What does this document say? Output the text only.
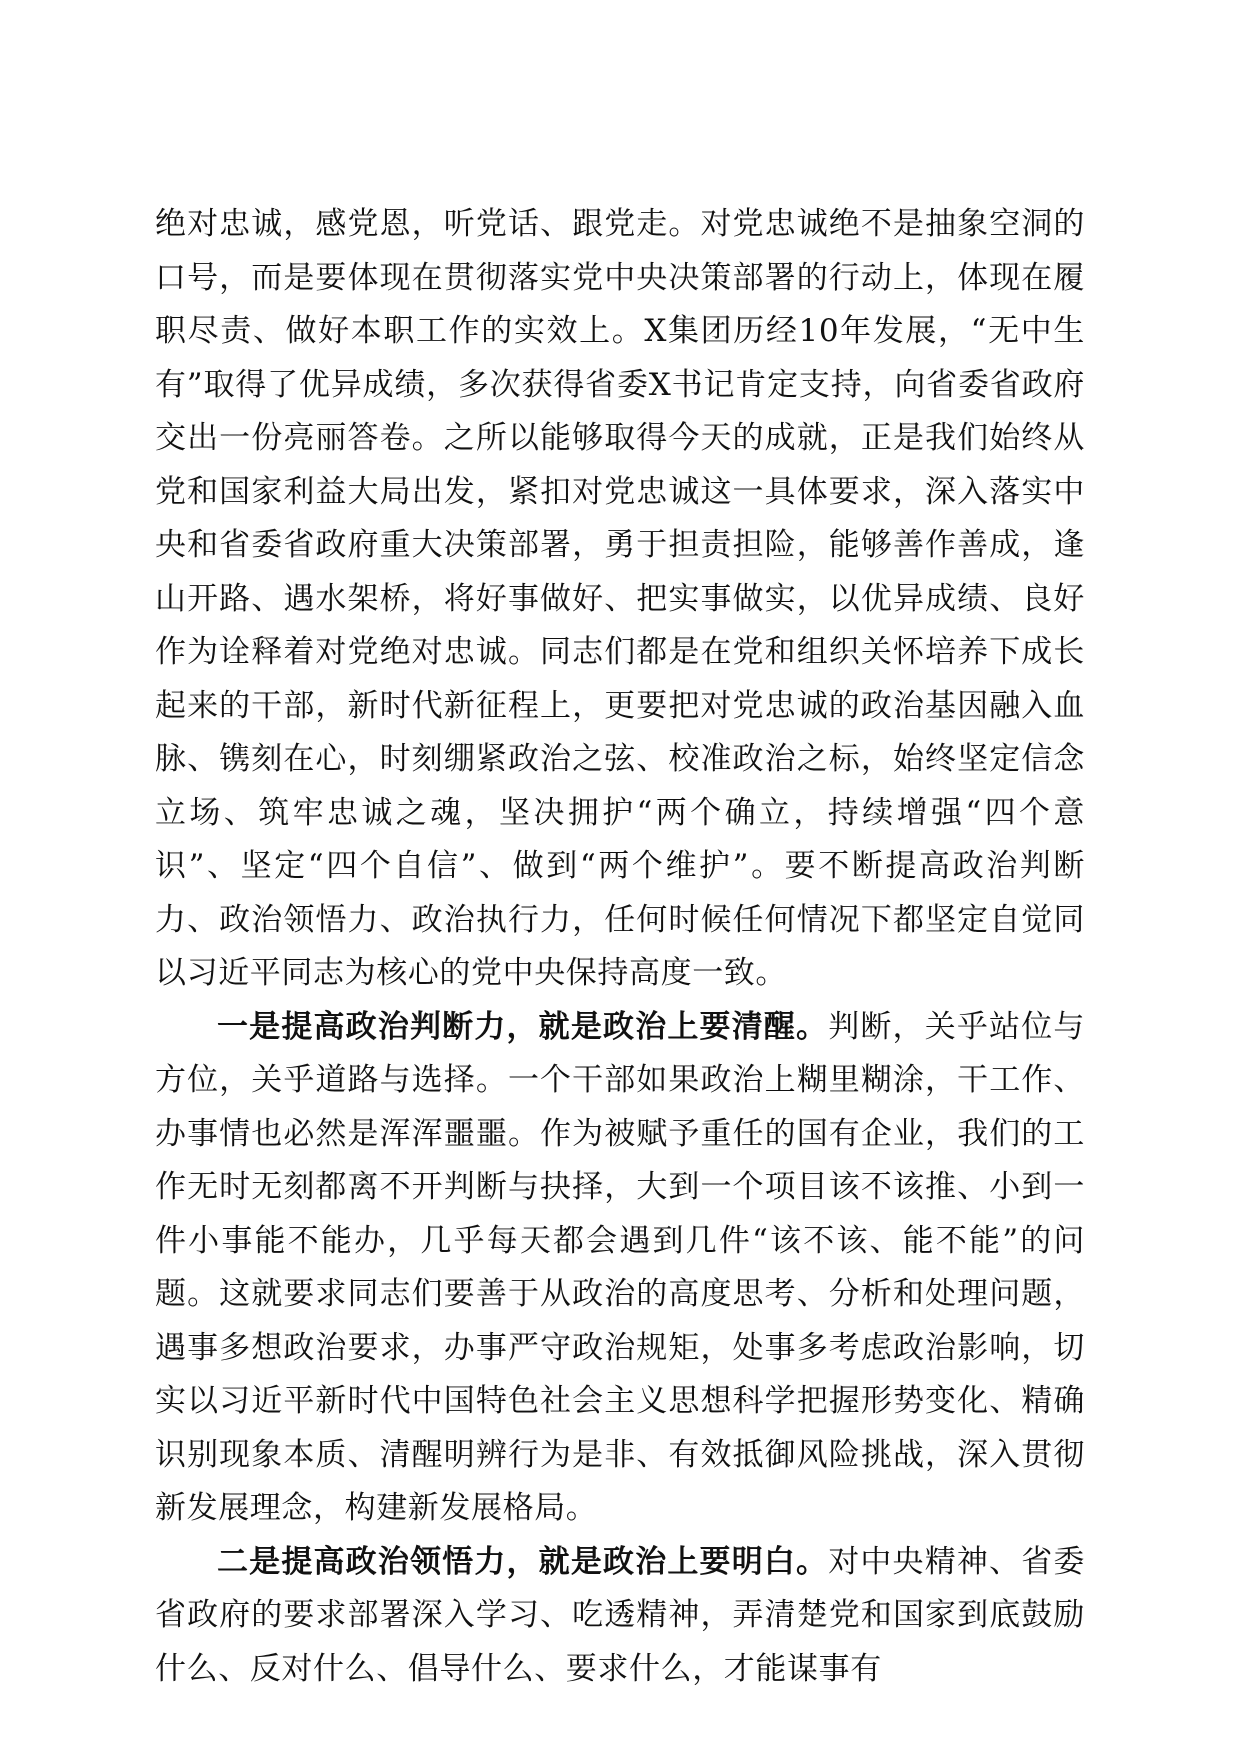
绝对忠诚，感党恩，听党话、跟党走。对党忠诚绝不是抽象空洞的口号，而是要体现在贯彻落实党中央决策部署的行动上，体现在履职尽责、做好本职工作的实效上。X集团历经10年发展，“无中生有”取得了优异成绩，多次获得省委X书记肯定支持，向省委省政府交出一份亮丽答卷。之所以能够取得今天的成就，正是我们始终从党和国家利益大局出发，紧扣对党忠诚这一具体要求，深入落实中央和省委省政府重大决策部署，勇于担责担险，能够善作善成，逢山开路、遇水架桥，将好事做好、把实事做实，以优异成绩、良好作为诠释着对党绝对忠诚。同志们都是在党和组织关怀培养下成长起来的干部，新时代新征程上，更要把对党忠诚的政治基因融入血脉、镌刻在心，时刻绷紧政治之弦、校准政治之标，始终坚定信念立场、筑牢忠诚之魂，坚决拥护“两个确立，持续增强“四个意识”、坚定“四个自信”、做到“两个维护”。要不断提高政治判断力、政治领悟力、政治执行力，任何时候任何情况下都坚定自觉同以习近平同志为核心的党中央保持高度一致。

一是提高政治判断力，就是政治上要清醒。判断，关乎站位与方位，关乎道路与选择。一个干部如果政治上糊里糊涂，干工作、办事情也必然是浑浑噩噩。作为被赋予重任的国有企业，我们的工作无时无刻都离不开判断与抉择，大到一个项目该不该推、小到一件小事能不能办，几乎每天都会遇到几件“该不该、能不能”的问题。这就要求同志们要善于从政治的高度思考、分析和处理问题，遇事多想政治要求，办事严守政治规矩，处事多考虑政治影响，切实以习近平新时代中国特色社会主义思想科学把握形势变化、精确识别现象本质、清醒明辨行为是非、有效抵御风险挑战，深入贯彻新发展理念，构建新发展格局。

二是提高政治领悟力，就是政治上要明白。对中央精神、省委省政府的要求部署深入学习、吃透精神，弄清楚党和国家到底鼓励什么、反对什么、倡导什么、要求什么，才能谋事有
